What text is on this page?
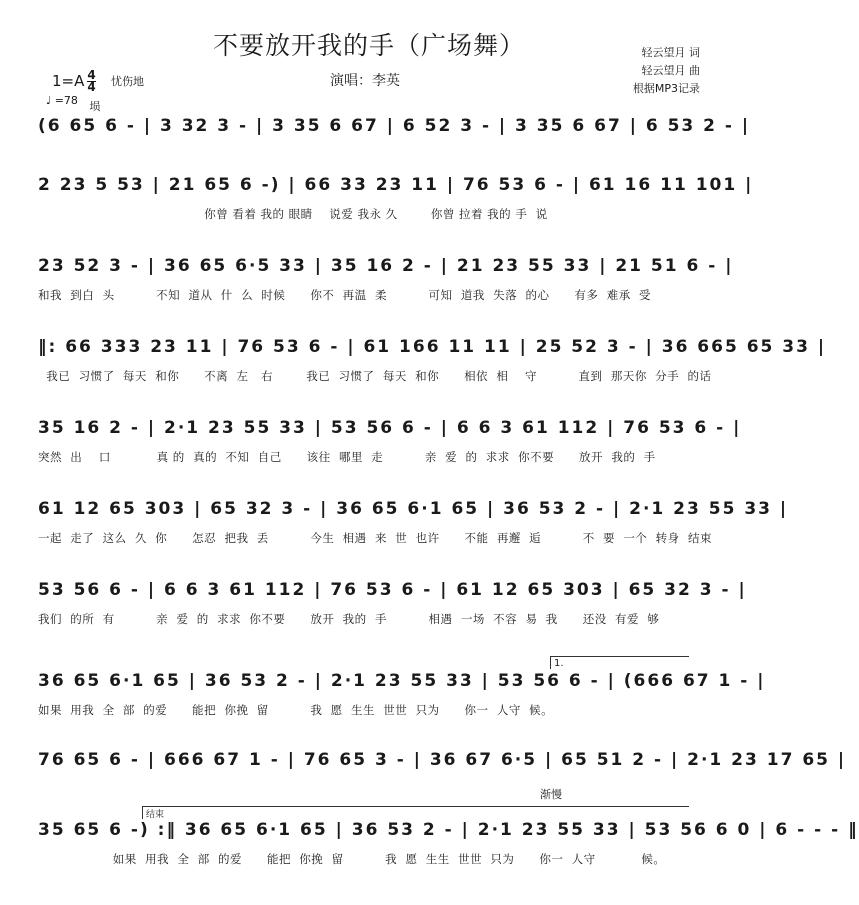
不要放开我的手（广场舞）	轻云望月 词
轻云望月 曲
根据MP3记录
$1=A \frac{4}{4}$ 忧伤地
♩ =78 埙
演唱：李英
(6 65 6 - | 3 32 3 - | 3 35 6 67 | 6 52 3 - | 3 35 6 67 | 6 53 2 - |
2 23 5 53 | 21 65 6 -) | 66 33 23 11 | 76 53 6 - | 61 16 11 101 |
你曾 看着 我的 眼睛    说爱 我永 久        你曾 拉着 我的 手  说
23 52 3 - | 36 65 6·5 33 | 35 16 2 - | 21 23 55 33 | 21 51 6 - |
和我  到白  头          不知  道从  什  么  时候      你不  再温  柔          可知  道我  失落  的心      有多  难承  受
‖: 66 333 23 11 | 76 53 6 - | 61 166 11 11 | 25 52 3 - | 36 665 65 33 |
我已  习惯了  每天  和你      不离  左   右        我已  习惯了  每天  和你      相依  相    守          直到  那天你  分手  的话
35 16 2 - | 2·1 23 55 33 | 53 56 6 - | 6 6 3 61 112 | 76 53 6 - |
突然  出    口           真 的  真的  不知  自己      该往  哪里  走          亲  爱  的  求求  你不要      放开  我的  手
61 12 65 303 | 65 32 3 - | 36 65 6·1 65 | 36 53 2 - | 2·1 23 55 33 |
一起  走了  这么  久  你      怎忍  把我  丢          今生  相遇  来  世  也许      不能  再邂  逅          不  要  一个  转身  结束
53 56 6 - | 6 6 3 61 112 | 76 53 6 - | 61 12 65 303 | 65 32 3 - |
我们  的所  有          亲  爱  的  求求  你不要      放开  我的  手          相遇  一场  不容  易  我      还没  有爱  够
1.
36 65 6·1 65 | 36 53 2 - | 2·1 23 55 33 | 53 56 6 - | (666 67 1 - |
如果  用我  全  部  的爱      能把  你挽  留          我  愿  生生  世世  只为      你一  人守  候。
76 65 6 - | 666 67 1 - | 76 65 3 - | 36 67 6·5 | 65 51 2 - | 2·1 23 17 65 |
渐慢
结束
35 65 6 -) :‖ 36 65 6·1 65 | 36 53 2 - | 2·1 23 55 33 | 53 56 6 0 | 6 - - - ‖
如果  用我  全  部  的爱      能把  你挽  留          我  愿  生生  世世  只为      你一  人守           候。
